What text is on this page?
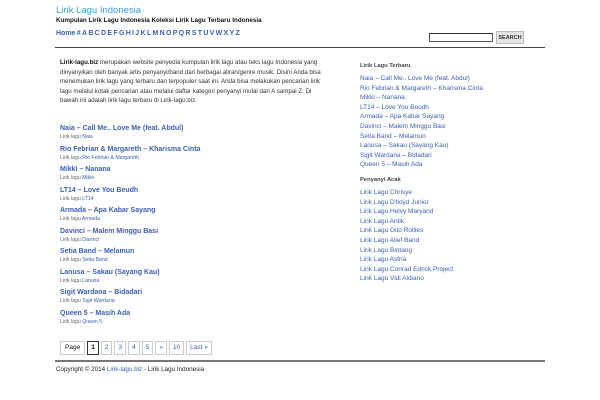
Lirik Lagu Indonesia
Kumpulan Lirik Lagu Indonesia Koleksi Lirik Lagu Terbaru Indonesia
Home#ABCDEFGHIJKLMNOPQRSTUVWXYZ
SEARCH
Lirik-lagu.biz merupakan website penyedia kumpulan lirik lagu atau teks lagu Indonesia yang dinyanyikan oleh banyak artis penyanyi/band dari berbagai aliran/genre musik. Disini Anda bisa menemukan lirik lagu yang terbaru dan terpopuler saat ini. Anda bisa melakukan pencarian lirik lagu melalui kotak pencarian atau melalui daftar kategori penyanyi mulai dari A sampai Z. Di bawah ini adalah lirik lagu terbaru di Lirik-lagu.biz.
Naia – Call Me.. Love Me (feat. Abdul)
Lirik lagu Naia
Rio Febrian & Margareth – Kharisma Cinta
Lirik lagu Rio Febrian & Margareth
Mikki – Nanana
Lirik lagu Mikki
LT14 – Love You Beudh
Lirik lagu LT14
Armada – Apa Kabar Sayang
Lirik lagu Armada
Davinci – Malem Minggu Basi
Lirik lagu Davinci
Setia Band – Melamun
Lirik lagu Setia Band
Lanusa – Sakau (Sayang Kau)
Lirik lagu Lanusa
Sigit Wardana – Bidadari
Lirik lagu Sigit Wardana
Queen 5 – Masih Ada
Lirik lagu Queen 5
Page	1	2	3	4	5	»	10	Last »
Copyright © 2014 Lirik-lagu.biz - Lirik Lagu Indonesia
Lirik Lagu Terbaru
Naia – Call Me.. Love Me (feat. Abdul)
Rio Febrian & Margareth – Kharisma Cinta
Mikki – Nanana
LT14 – Love You Beudh
Armada – Apa Kabar Sayang
Davinci – Malem Minggu Basi
Setia Band – Melamun
Lanusa – Sakau (Sayang Kau)
Sigit Wardana – Bidadari
Queen 5 – Masih Ada
Penyanyi Acak
Lirik Lagu Chrisye
Lirik Lagu D'lloyd Junior
Lirik Lagu Helvy Maryand
Lirik Lagu Antik
Lirik Lagu Gito Rollies
Lirik Lagu Alief Band
Lirik Lagu Bintang
Lirik Lagu Astria
Lirik Lagu Conrad Edrick Project
Lirik Lagu Vidi Aldiano
